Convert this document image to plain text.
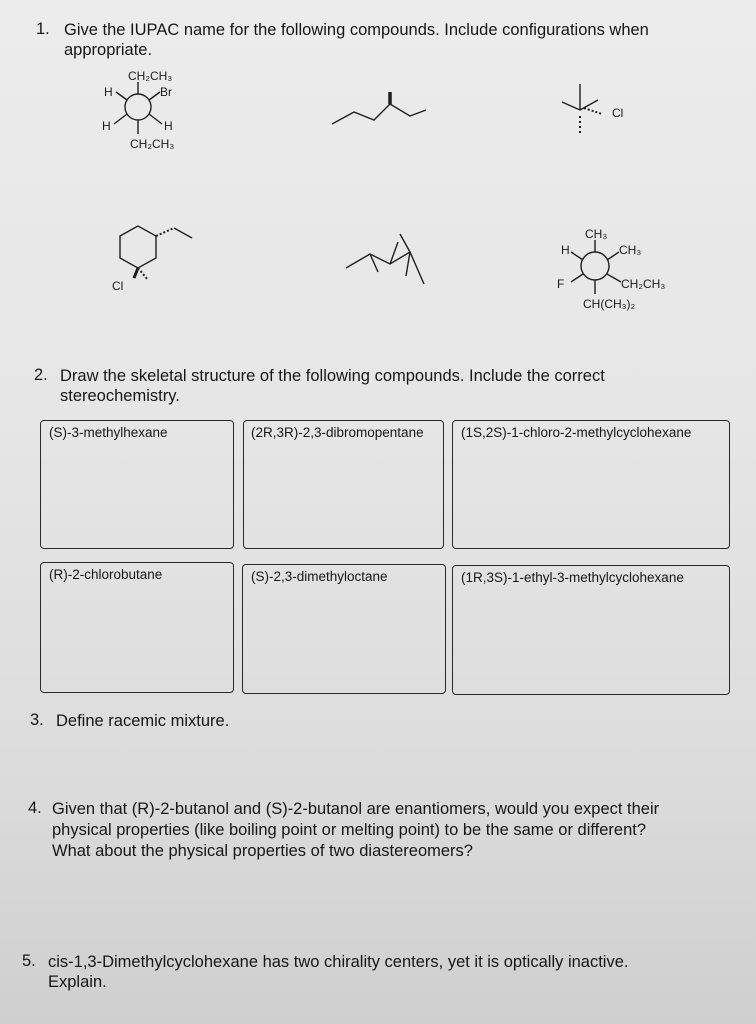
1. Give the IUPAC name for the following compounds. Include configurations when
appropriate.
CH₂CH₃
H	Br
H	H
CH₂CH₃
Cl
Cl
CH₃
H	CH₃
F	CH₂CH₃
CH(CH₃)₂
2. Draw the skeletal structure of the following compounds. Include the correct
stereochemistry.
(S)-3-methylhexane	(2R,3R)-2,3-dibromopentane	(1S,2S)-1-chloro-2-methylcyclohexane
(R)-2-chlorobutane	(S)-2,3-dimethyloctane	(1R,3S)-1-ethyl-3-methylcyclohexane
3. Define racemic mixture.
4. Given that (R)-2-butanol and (S)-2-butanol are enantiomers, would you expect their
physical properties (like boiling point or melting point) to be the same or different?
What about the physical properties of two diastereomers?
5. cis-1,3-Dimethylcyclohexane has two chirality centers, yet it is optically inactive.
Explain.
